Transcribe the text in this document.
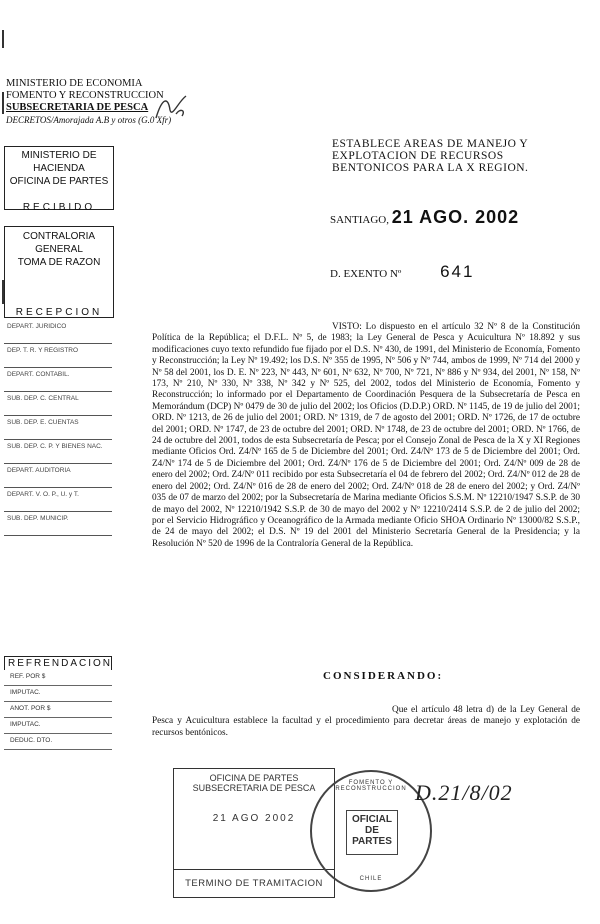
MINISTERIO DE ECONOMIA
FOMENTO Y RECONSTRUCCION
SUBSECRETARIA DE PESCA
DECRETOS/Amorajada A.B y otros (G.0 Xfr)
MINISTERIO DE HACIENDA
OFICINA DE PARTES
RECIBIDO
CONTRALORIA GENERAL
TOMA DE RAZON
RECEPCION
DEPART. JURIDICO
DEP. T. R. Y REGISTRO
DEPART. CONTABIL.
SUB. DEP. C. CENTRAL
SUB. DEP. E. CUENTAS
SUB. DEP. C. P. Y BIENES NAC.
DEPART. AUDITORIA
DEPART. V. O. P., U. y T.
SUB. DEP. MUNICIP.
REFRENDACION
REF. POR $
IMPUTAC.
ANOT. POR $
IMPUTAC.
DEDUC. DTO.
ESTABLECE AREAS DE MANEJO Y EXPLOTACION DE RECURSOS BENTONICOS PARA LA X REGION.
SANTIAGO, 21 AGO. 2002
D. EXENTO Nº 641
VISTO: Lo dispuesto en el artículo 32 Nº 8 de la Constitución Política de la República; el D.F.L. Nº 5, de 1983; la Ley General de Pesca y Acuicultura Nº 18.892 y sus modificaciones cuyo texto refundido fue fijado por el D.S. Nº 430, de 1991, del Ministerio de Economía, Fomento y Reconstrucción; la Ley Nº 19.492; los D.S. Nº 355 de 1995, Nº 506 y Nº 744, ambos de 1999, Nº 714 del 2000 y Nº 58 del 2001, los D. E. Nº 223, Nº 443, Nº 601, Nº 632, Nº 700, Nº 721, Nº 886 y Nº 934, del 2001, Nº 158, Nº 173, Nº 210, Nº 330, Nº 338, Nº 342 y Nº 525, del 2002, todos del Ministerio de Economía, Fomento y Reconstrucción; lo informado por el Departamento de Coordinación Pesquera de la Subsecretaría de Pesca en Memorándum (DCP) Nº 0479 de 30 de julio del 2002; los Oficios (D.D.P.) ORD. Nº 1145, de 19 de julio del 2001; ORD. Nº 1213, de 26 de julio del 2001; ORD. Nº 1319, de 7 de agosto del 2001; ORD. Nº 1726, de 17 de octubre del 2001; ORD. Nº 1747, de 23 de octubre del 2001; ORD. Nº 1748, de 23 de octubre del 2001; ORD. Nº 1766, de 24 de octubre del 2001, todos de esta Subsecretaría de Pesca; por el Consejo Zonal de Pesca de la X y XI Regiones mediante Oficios Ord. Z4/Nº 165 de 5 de Diciembre del 2001; Ord. Z4/Nº 173 de 5 de Diciembre del 2001; Ord. Z4/Nº 174 de 5 de Diciembre del 2001; Ord. Z4/Nº 176 de 5 de Diciembre del 2001; Ord. Z4/Nº 009 de 28 de enero del 2002; Ord. Z4/Nº 011 recibido por esta Subsecretaría el 04 de febrero del 2002; Ord. Z4/Nº 012 de 28 de enero del 2002; Ord. Z4/Nº 016 de 28 de enero del 2002; Ord. Z4/Nº 018 de 28 de enero del 2002; y Ord. Z4/Nº 035 de 07 de marzo del 2002; por la Subsecretaría de Marina mediante Oficios S.S.M. Nº 12210/1947 S.S.P. de 30 de mayo del 2002, Nº 12210/1942 S.S.P. de 30 de mayo del 2002 y Nº 12210/2414 S.S.P. de 2 de julio del 2002; por el Servicio Hidrográfico y Oceanográfico de la Armada mediante Oficio SHOA Ordinario Nº 13000/82 S.S.P., de 24 de mayo del 2002; el D.S. Nº 19 del 2001 del Ministerio Secretaría General de la Presidencia; y la Resolución Nº 520 de 1996 de la Contraloría General de la República.
CONSIDERANDO:
Que el artículo 48 letra d) de la Ley General de Pesca y Acuicultura establece la facultad y el procedimiento para decretar áreas de manejo y explotación de recursos bentónicos.
OFICINA DE PARTES
SUBSECRETARIA DE PESCA
21 AGO 2002
TERMINO DE TRAMITACION
FOMENTO Y RECONSTRUCCION
OFICIAL
DE PARTES
CHILE
D.21/8/02
